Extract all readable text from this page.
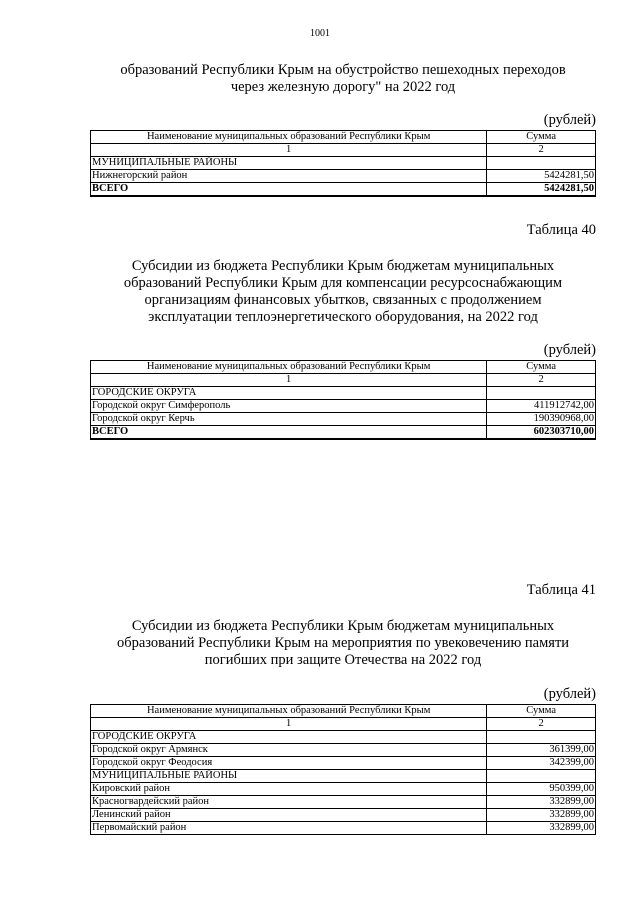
1001
образований Республики Крым на обустройство пешеходных переходов
через железную дорогу" на 2022 год
(рублей)
Наименование муниципальных образований Республики Крым	Сумма
1	2
МУНИЦИПАЛЬНЫЕ РАЙОНЫ	
Нижнегорский район	5424281,50
ВСЕГО	5424281,50
Таблица 40
Субсидии из бюджета Республики Крым бюджетам муниципальных
образований Республики Крым для компенсации ресурсоснабжающим
организациям финансовых убытков, связанных с продолжением
эксплуатации теплоэнергетического оборудования, на 2022 год
(рублей)
Наименование муниципальных образований Республики Крым	Сумма
1	2
ГОРОДСКИЕ ОКРУГА	
Городской округ Симферополь	411912742,00
Городской округ Керчь	190390968,00
ВСЕГО	602303710,00
Таблица 41
Субсидии из бюджета Республики Крым бюджетам муниципальных
образований Республики Крым на мероприятия по увековечению памяти
погибших при защите Отечества на 2022 год
(рублей)
Наименование муниципальных образований Республики Крым	Сумма
1	2
ГОРОДСКИЕ ОКРУГА	
Городской округ Армянск	361399,00
Городской округ Феодосия	342399,00
МУНИЦИПАЛЬНЫЕ РАЙОНЫ	
Кировский район	950399,00
Красногвардейский район	332899,00
Ленинский район	332899,00
Первомайский район	332899,00
